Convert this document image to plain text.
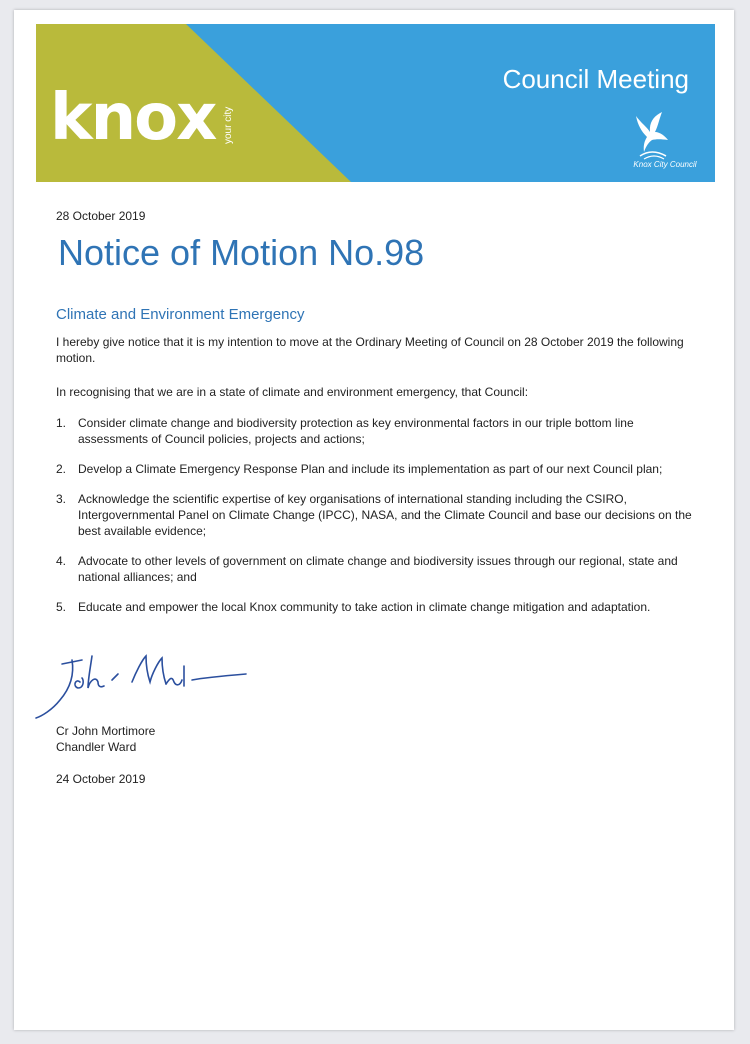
knox your city
Council Meeting
Knox City Council
28 October 2019
Notice of Motion No.98
Climate and Environment Emergency
I hereby give notice that it is my intention to move at the Ordinary Meeting of Council on 28 October 2019 the following motion.
In recognising that we are in a state of climate and environment emergency, that Council:
1. Consider climate change and biodiversity protection as key environmental factors in our triple bottom line assessments of Council policies, projects and actions;
2. Develop a Climate Emergency Response Plan and include its implementation as part of our next Council plan;
3. Acknowledge the scientific expertise of key organisations of international standing including the CSIRO, Intergovernmental Panel on Climate Change (IPCC), NASA, and the Climate Council and base our decisions on the best available evidence;
4. Advocate to other levels of government on climate change and biodiversity issues through our regional, state and national alliances; and
5. Educate and empower the local Knox community to take action in climate change mitigation and adaptation.
Cr John Mortimore
Chandler Ward
24 October 2019
